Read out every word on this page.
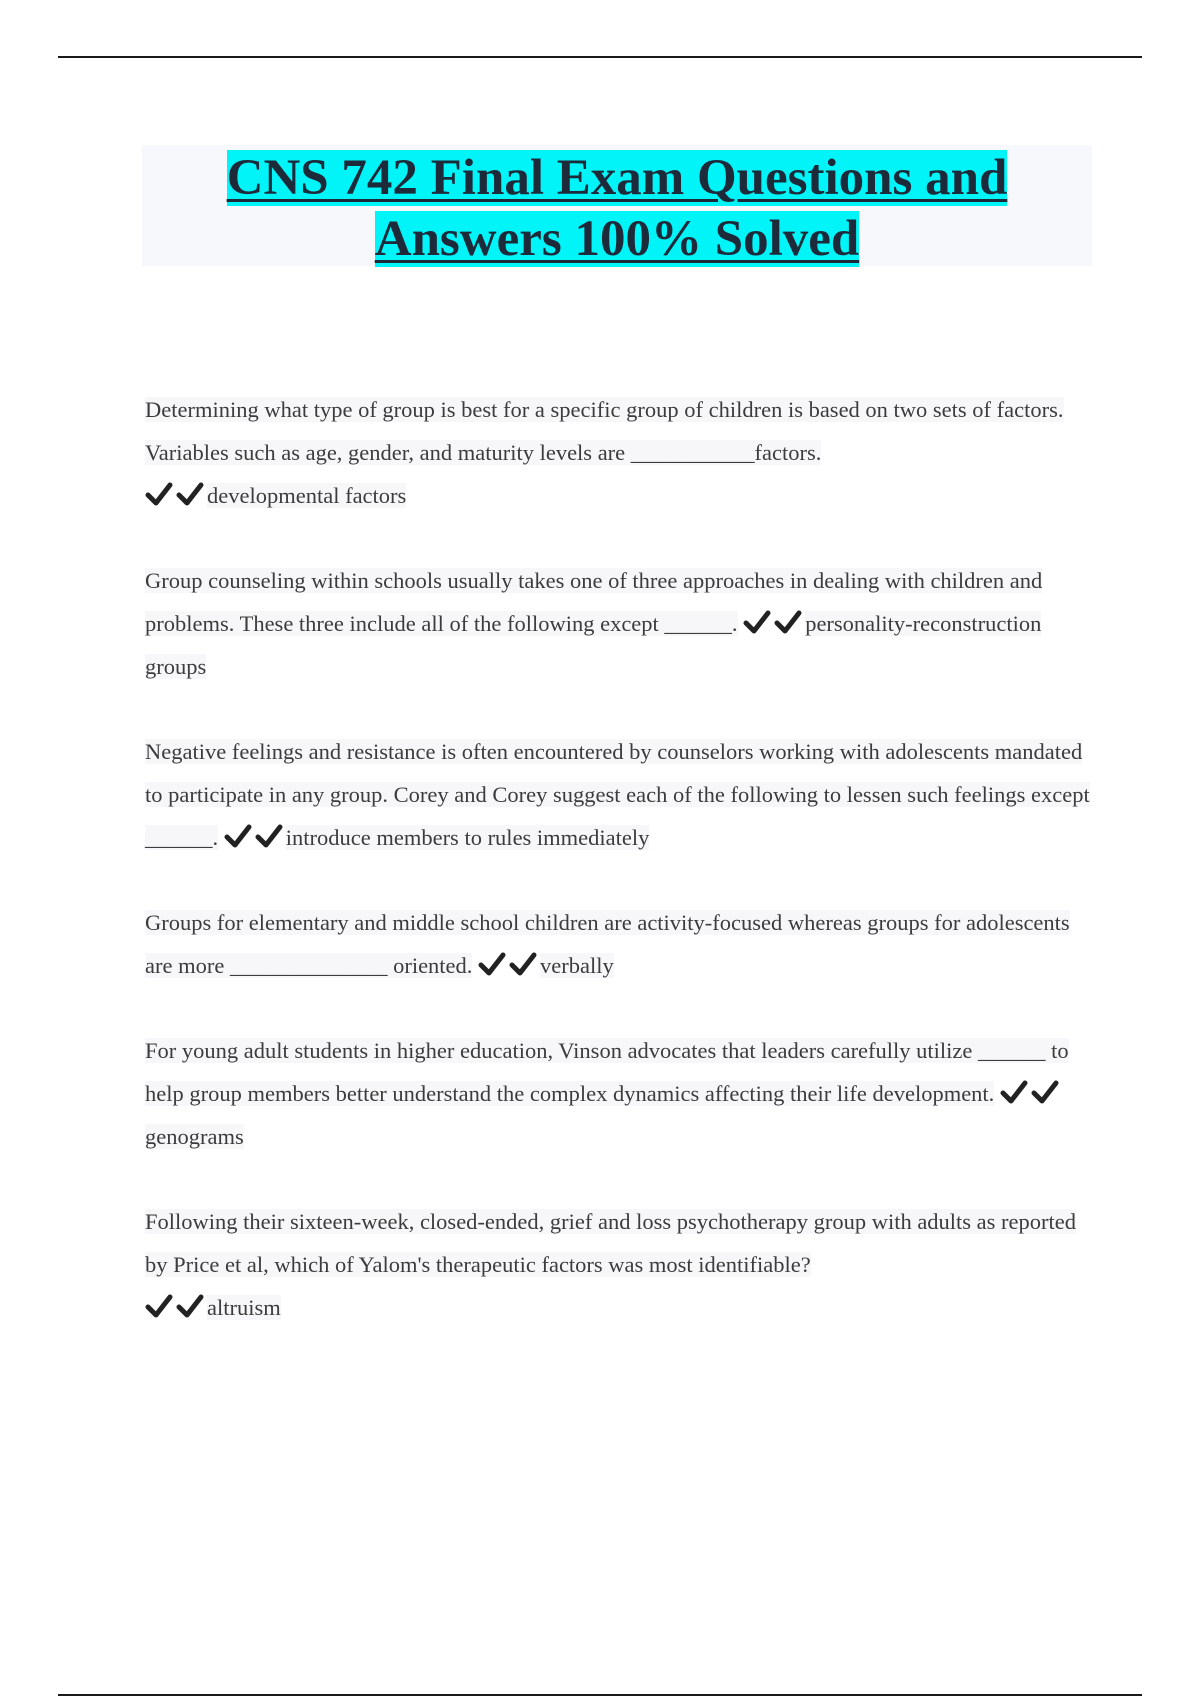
CNS 742 Final Exam Questions and
Answers 100% Solved

Determining what type of group is best for a specific group of children is based on two sets of factors. Variables such as age, gender, and maturity levels are ___________factors.

developmental factors

Group counseling within schools usually takes one of three approaches in dealing with children and problems. These three include all of the following except ______.	personality-reconstruction groups

Negative feelings and resistance is often encountered by counselors working with adolescents mandated to participate in any group. Corey and Corey suggest each of the following to lessen such feelings except ______.	introduce members to rules immediately

Groups for elementary and middle school children are activity-focused whereas groups for adolescents are more ______________ oriented.	verbally

For young adult students in higher education, Vinson advocates that leaders carefully utilize ______ to help group members better understand the complex dynamics affecting their life development.
genograms

Following their sixteen-week, closed-ended, grief and loss psychotherapy group with adults as reported by Price et al, which of Yalom's therapeutic factors was most identifiable?

altruism
